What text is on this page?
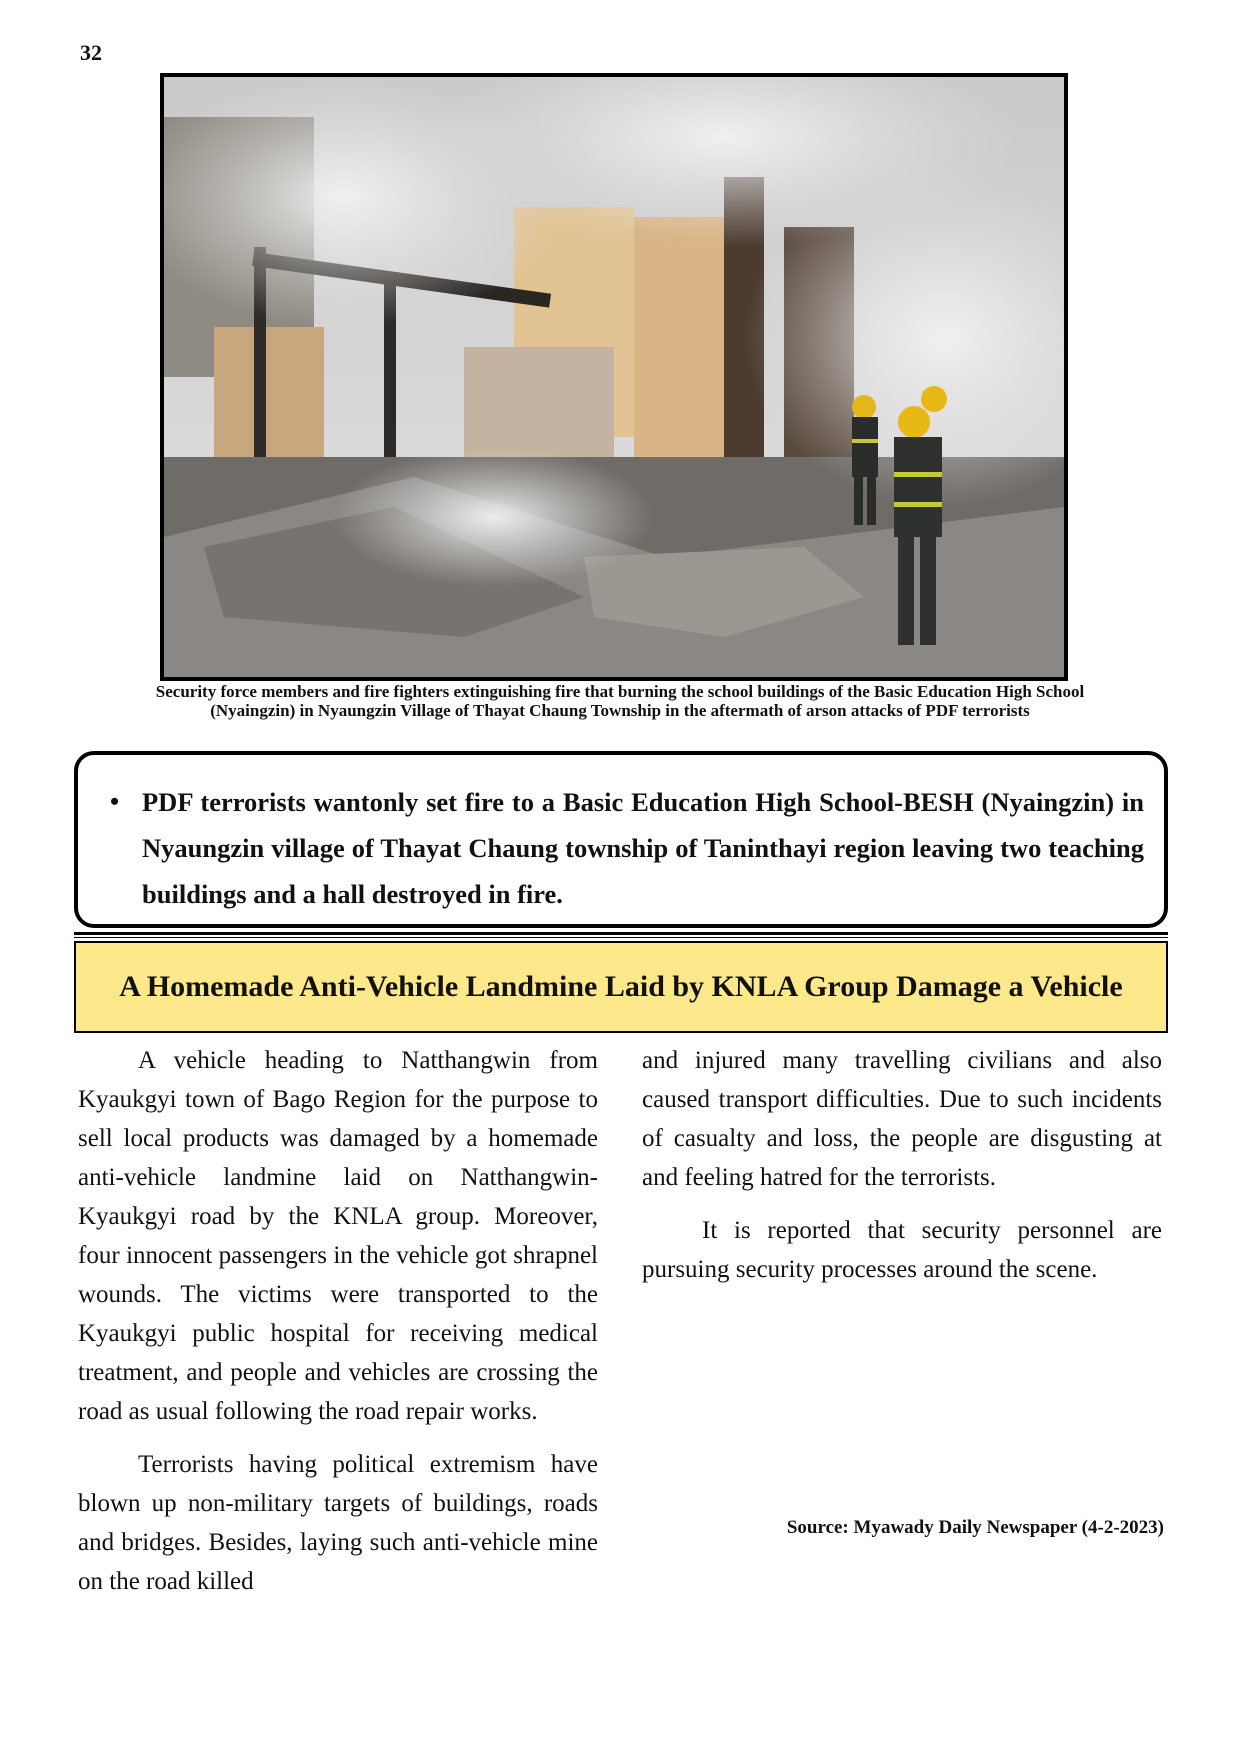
32
Security force members and fire fighters extinguishing fire that burning the school buildings of the Basic Education High School (Nyaingzin) in Nyaungzin Village of Thayat Chaung Township in the aftermath of arson attacks of PDF terrorists
• PDF terrorists wantonly set fire to a Basic Education High School-BESH (Nyaingzin) in Nyaungzin village of Thayat Chaung township of Taninthayi region leaving two teaching buildings and a hall destroyed in fire.
A Homemade Anti-Vehicle Landmine Laid by KNLA Group Damage a Vehicle

A vehicle heading to Natthangwin from Kyaukgyi town of Bago Region for the purpose to sell local products was damaged by a homemade anti-vehicle landmine laid on Natthangwin-Kyaukgyi road by the KNLA group. Moreover, four innocent passengers in the vehicle got shrapnel wounds. The victims were transported to the Kyaukgyi public hospital for receiving medical treatment, and people and vehicles are crossing the road as usual following the road repair works.

Terrorists having political extremism have blown up non-military targets of buildings, roads and bridges. Besides, laying such anti-vehicle mine on the road killed

and injured many travelling civilians and also caused transport difficulties. Due to such incidents of casualty and loss, the people are disgusting at and feeling hatred for the terrorists.

It is reported that security personnel are pursuing security processes around the scene.

Source: Myawady Daily Newspaper (4-2-2023)
